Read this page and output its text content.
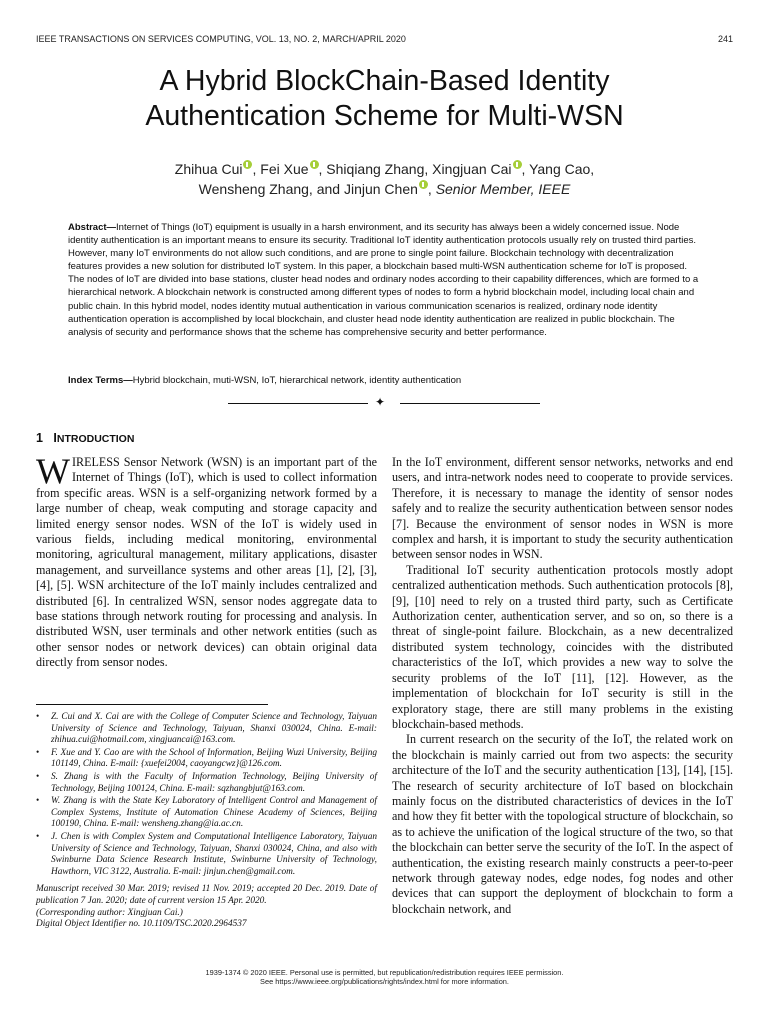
IEEE TRANSACTIONS ON SERVICES COMPUTING, VOL. 13, NO. 2, MARCH/APRIL 2020	241
A Hybrid BlockChain-Based Identity
Authentication Scheme for Multi-WSN
Zhihua Cui , Fei Xue , Shiqiang Zhang, Xingjuan Cai , Yang Cao,
Wensheng Zhang, and Jinjun Chen , Senior Member, IEEE

Abstract—Internet of Things (IoT) equipment is usually in a harsh environment, and its security has always been a widely concerned issue. Node identity authentication is an important means to ensure its security. Traditional IoT identity authentication protocols usually rely on trusted third parties. However, many IoT environments do not allow such conditions, and are prone to single point failure. Blockchain technology with decentralization features provides a new solution for distributed IoT system. In this paper, a blockchain based multi-WSN authentication scheme for IoT is proposed. The nodes of IoT are divided into base stations, cluster head nodes and ordinary nodes according to their capability differences, which are formed to a hierarchical network. A blockchain network is constructed among different types of nodes to form a hybrid blockchain model, including local chain and public chain. In this hybrid model, nodes identity mutual authentication in various communication scenarios is realized, ordinary node identity authentication operation is accomplished by local blockchain, and cluster head node identity authentication are realized in public blockchain. The analysis of security and performance shows that the scheme has comprehensive security and better performance.

Index Terms—Hybrid blockchain, muti-WSN, IoT, hierarchical network, identity authentication
✦
1 INTRODUCTION

WIRELESS Sensor Network (WSN) is an important part of the Internet of Things (IoT), which is used to collect information from specific areas. WSN is a self-organizing network formed by a large number of cheap, weak computing and storage capacity and limited energy sensor nodes. WSN of the IoT is widely used in various fields, including medical monitoring, environmental monitoring, agricultural management, military applications, disaster management, and surveillance systems and other areas [1], [2], [3], [4], [5]. WSN architecture of the IoT mainly includes centralized and distributed [6]. In centralized WSN, sensor nodes aggregate data to base stations through network routing for processing and analysis. In distributed WSN, user terminals and other network entities (such as other sensor nodes or network devices) can obtain original data directly from sensor nodes.

•	Z. Cui and X. Cai are with the College of Computer Science and Technology, Taiyuan University of Science and Technology, Taiyuan, Shanxi 030024, China. E-mail: zhihua.cui@hotmail.com, xingjuancai@163.com.
•	F. Xue and Y. Cao are with the School of Information, Beijing Wuzi University, Beijing 101149, China. E-mail: {xuefei2004, caoyangcwz}@126.com.
•	S. Zhang is with the Faculty of Information Technology, Beijing University of Technology, Beijing 100124, China. E-mail: sqzhangbjut@163.com.
•	W. Zhang is with the State Key Laboratory of Intelligent Control and Management of Complex Systems, Institute of Automation Chinese Academy of Sciences, Beijing 100190, China. E-mail: wensheng.zhang@ia.ac.cn.
•	J. Chen is with Complex System and Computational Intelligence Laboratory, Taiyuan University of Science and Technology, Taiyuan, Shanxi 030024, China, and also with Swinburne Data Science Research Institute, Swinburne University of Technology, Hawthorn, VIC 3122, Australia. E-mail: jinjun.chen@gmail.com.

Manuscript received 30 Mar. 2019; revised 11 Nov. 2019; accepted 20 Dec. 2019. Date of publication 7 Jan. 2020; date of current version 15 Apr. 2020.

(Corresponding author: Xingjuan Cai.)

Digital Object Identifier no. 10.1109/TSC.2020.2964537

In the IoT environment, different sensor networks, networks and end users, and intra-network nodes need to cooperate to provide services. Therefore, it is necessary to manage the identity of sensor nodes safely and to realize the security authentication between sensor nodes [7]. Because the environment of sensor nodes in WSN is more complex and harsh, it is important to study the security authentication between sensor nodes in WSN.

Traditional IoT security authentication protocols mostly adopt centralized authentication methods. Such authentication protocols [8], [9], [10] need to rely on a trusted third party, such as Certificate Authorization center, authentication server, and so on, so there is a threat of single-point failure. Blockchain, as a new decentralized distributed system technology, coincides with the distributed characteristics of the IoT, which provides a new way to solve the security problems of the IoT [11], [12]. However, as the implementation of blockchain for IoT security is still in the exploratory stage, there are still many problems in the existing blockchain-based methods.

In current research on the security of the IoT, the related work on the blockchain is mainly carried out from two aspects: the security architecture of the IoT and the security authentication [13], [14], [15]. The research of security architecture of IoT based on blockchain mainly focus on the distributed characteristics of devices in the IoT and how they fit better with the topological structure of blockchain, so as to achieve the unification of the logical structure of the two, so that the blockchain can better serve the security of the IoT. In the aspect of authentication, the existing research mainly constructs a peer-to-peer network through gateway nodes, edge nodes, fog nodes and other devices that can support the deployment of blockchain to form a blockchain network, and

1939-1374 © 2020 IEEE. Personal use is permitted, but republication/redistribution requires IEEE permission.
See https://www.ieee.org/publications/rights/index.html for more information.
